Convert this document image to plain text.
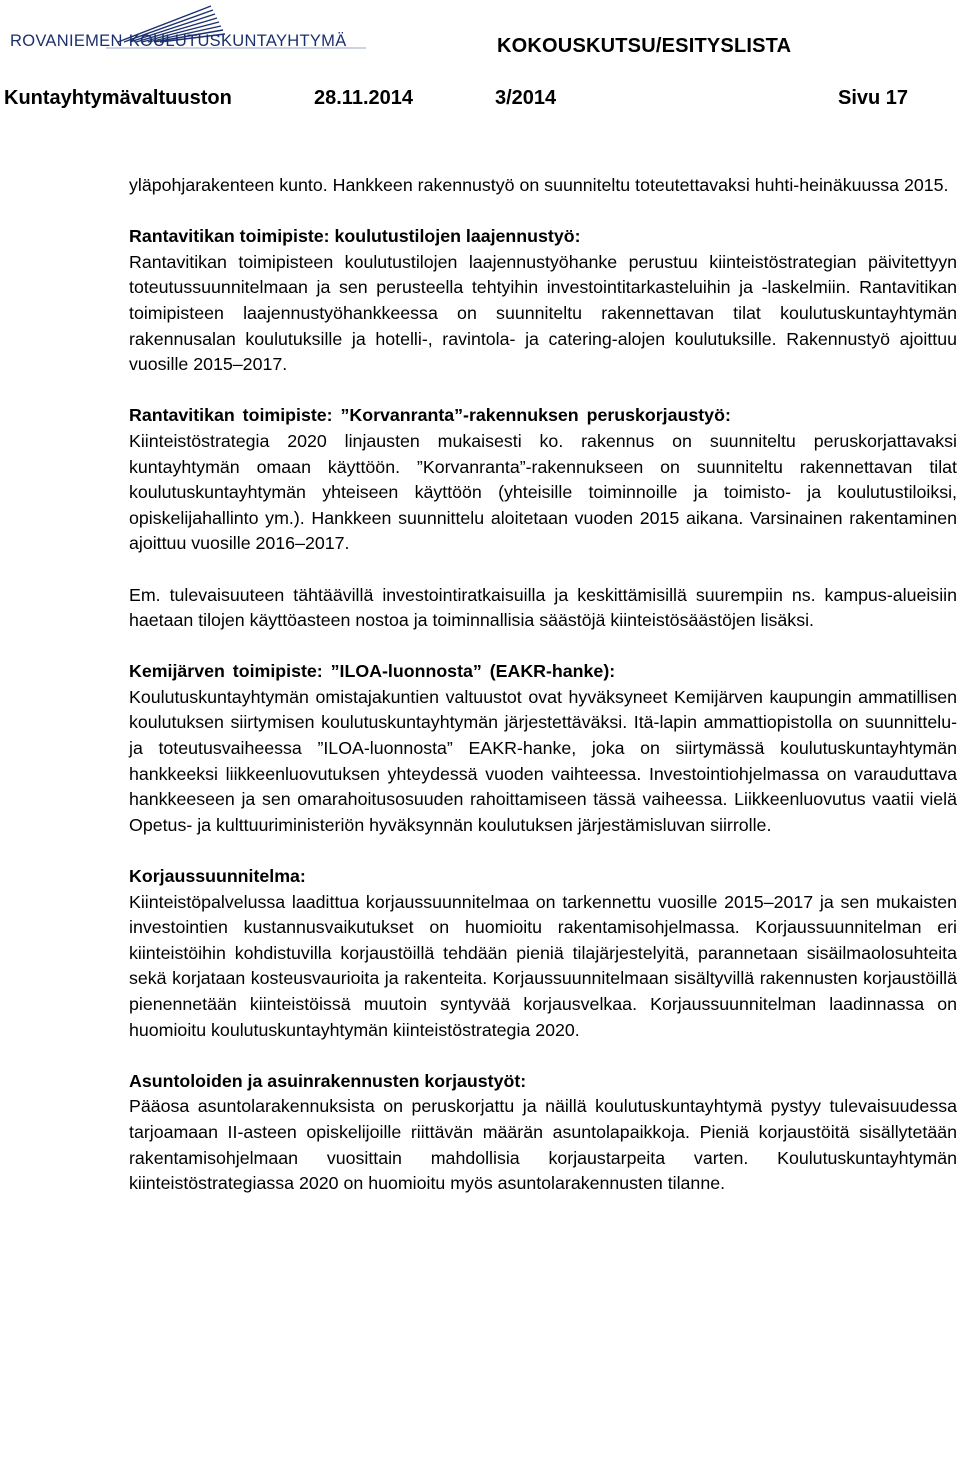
ROVANIEMEN KOULUTUSKUNTAYHTYMÄ	KOKOUSKUTSU/ESITYSLISTA
Kuntayhtymävaltuuston	28.11.2014	3/2014	Sivu 17

yläpohjarakenteen kunto. Hankkeen rakennustyö on suunniteltu toteutettavaksi huhti-heinäkuussa 2015.

Rantavitikan toimipiste: koulutustilojen laajennustyö:

Rantavitikan toimipisteen koulutustilojen laajennustyöhanke perustuu kiinteistöstrategian päivitettyyn toteutussuunnitelmaan ja sen perusteella tehtyihin investointitarkasteluihin ja -laskelmiin. Rantavitikan toimipisteen laajennustyöhankkeessa on suunniteltu rakennettavan tilat koulutuskuntayhtymän rakennusalan koulutuksille ja hotelli-, ravintola- ja catering-alojen koulutuksille. Rakennustyö ajoittuu vuosille 2015–2017.

Rantavitikan toimipiste: ”Korvanranta”-rakennuksen peruskorjaustyö:

Kiinteistöstrategia 2020 linjausten mukaisesti ko. rakennus on suunniteltu peruskorjattavaksi kuntayhtymän omaan käyttöön. ”Korvanranta”-rakennukseen on suunniteltu rakennettavan tilat koulutuskuntayhtymän yhteiseen käyttöön (yhteisille toiminnoille ja toimisto- ja koulutustiloiksi, opiskelijahallinto ym.). Hankkeen suunnittelu aloitetaan vuoden 2015 aikana. Varsinainen rakentaminen ajoittuu vuosille 2016–2017.

Em. tulevaisuuteen tähtäävillä investointiratkaisuilla ja keskittämisillä suurempiin ns. kampus-alueisiin haetaan tilojen käyttöasteen nostoa ja toiminnallisia säästöjä kiinteistösäästöjen lisäksi.

Kemijärven toimipiste: ”ILOA-luonnosta” (EAKR-hanke):

Koulutuskuntayhtymän omistajakuntien valtuustot ovat hyväksyneet Kemijärven kaupungin ammatillisen koulutuksen siirtymisen koulutuskuntayhtymän järjestettäväksi. Itä-lapin ammattiopistolla on suunnittelu- ja toteutusvaiheessa ”ILOA-luonnosta” EAKR-hanke, joka on siirtymässä koulutuskuntayhtymän hankkeeksi liikkeenluovutuksen yhteydessä vuoden vaihteessa. Investointiohjelmassa on varauduttava hankkeeseen ja sen omarahoitusosuuden rahoittamiseen tässä vaiheessa. Liikkeenluovutus vaatii vielä Opetus- ja kulttuuriministeriön hyväksynnän koulutuksen järjestämisluvan siirrolle.

Korjaussuunnitelma:

Kiinteistöpalvelussa laadittua korjaussuunnitelmaa on tarkennettu vuosille 2015–2017 ja sen mukaisten investointien kustannusvaikutukset on huomioitu rakentamisohjelmassa. Korjaussuunnitelman eri kiinteistöihin kohdistuvilla korjaustöillä tehdään pieniä tilajärjestelyitä, parannetaan sisäilmaolosuhteita sekä korjataan kosteusvaurioita ja rakenteita. Korjaussuunnitelmaan sisältyvillä rakennusten korjaustöillä pienennetään kiinteistöissä muutoin syntyvää korjausvelkaa. Korjaussuunnitelman laadinnassa on huomioitu koulutuskuntayhtymän kiinteistöstrategia 2020.

Asuntoloiden ja asuinrakennusten korjaustyöt:

Pääosa asuntolarakennuksista on peruskorjattu ja näillä koulutuskuntayhtymä pystyy tulevaisuudessa tarjoamaan II-asteen opiskelijoille riittävän määrän asuntolapaikkoja. Pieniä korjaustöitä sisällytetään rakentamisohjelmaan vuosittain mahdollisia korjaustarpeita varten. Koulutuskuntayhtymän kiinteistöstrategiassa 2020 on huomioitu myös asuntolarakennusten tilanne.
